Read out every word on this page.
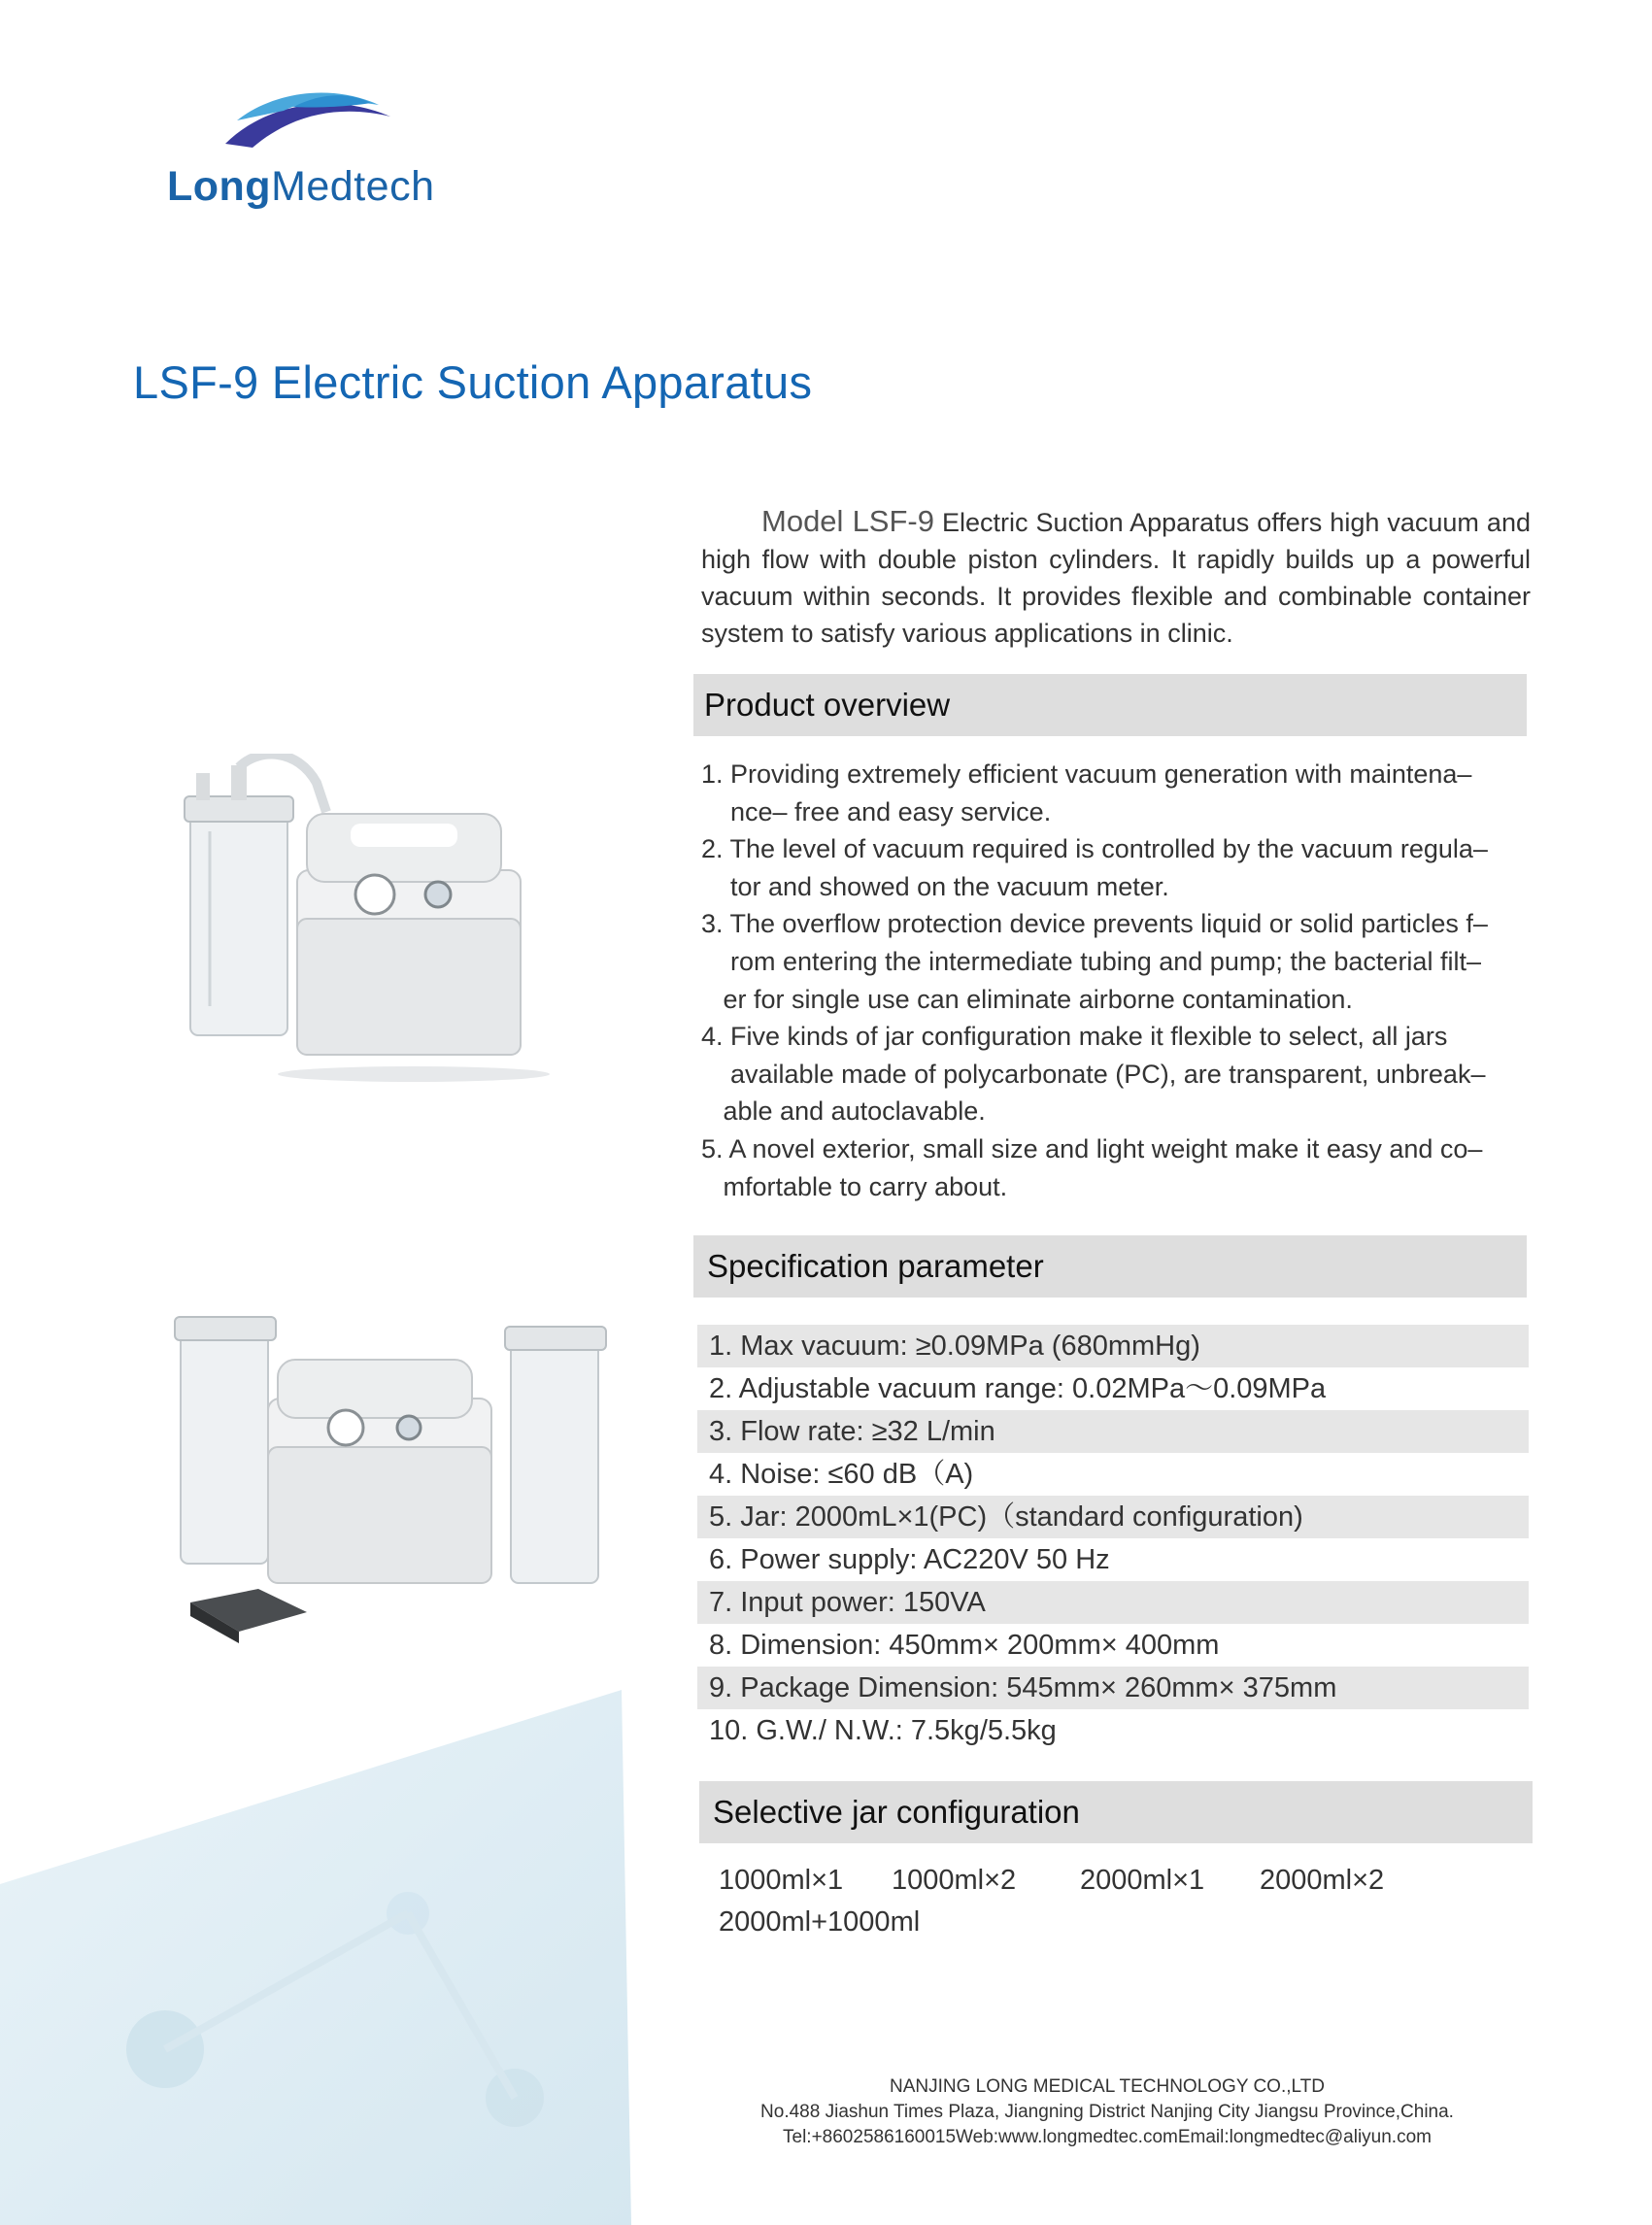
LongMedtech
LSF-9 Electric Suction Apparatus
Model LSF-9 Electric Suction Apparatus offers high vacuum and high flow with double piston cylinders. It rapidly builds up a powerful vacuum within seconds. It provides flexible and combinable container system to satisfy various applications in clinic.
Product overview
1. Providing extremely efficient vacuum generation with maintena–
nce– free and easy service.
2. The level of vacuum required is controlled by the vacuum regula–
tor and showed on the vacuum meter.
3. The overflow protection device prevents liquid or solid particles f–
rom entering the intermediate tubing and pump; the bacterial filt–
er for single use can eliminate airborne contamination.
4. Five kinds of jar configuration make it flexible to select, all jars
available made of polycarbonate (PC), are transparent, unbreak–
able and autoclavable.
5. A novel exterior, small size and light weight make it easy and co–
mfortable to carry about.
Specification parameter
1. Max vacuum: ≥0.09MPa (680mmHg)
2. Adjustable vacuum range: 0.02MPa～0.09MPa
3. Flow rate: ≥32 L/min
4. Noise: ≤60 dB（A)
5. Jar: 2000mL×1(PC)（standard configuration)
6. Power supply: AC220V 50 Hz
7. Input power: 150VA
8. Dimension: 450mm× 200mm× 400mm
9. Package Dimension: 545mm× 260mm× 375mm
10. G.W./ N.W.: 7.5kg/5.5kg
Selective jar configuration
1000ml×1 1000ml×2 2000ml×1 2000ml×2
2000ml+1000ml
NANJING LONG MEDICAL TECHNOLOGY CO.,LTD
No.488 Jiashun Times Plaza, Jiangning District Nanjing City Jiangsu Province,China.
Tel:+8602586160015Web:www.longmedtec.comEmail:longmedtec@aliyun.com
